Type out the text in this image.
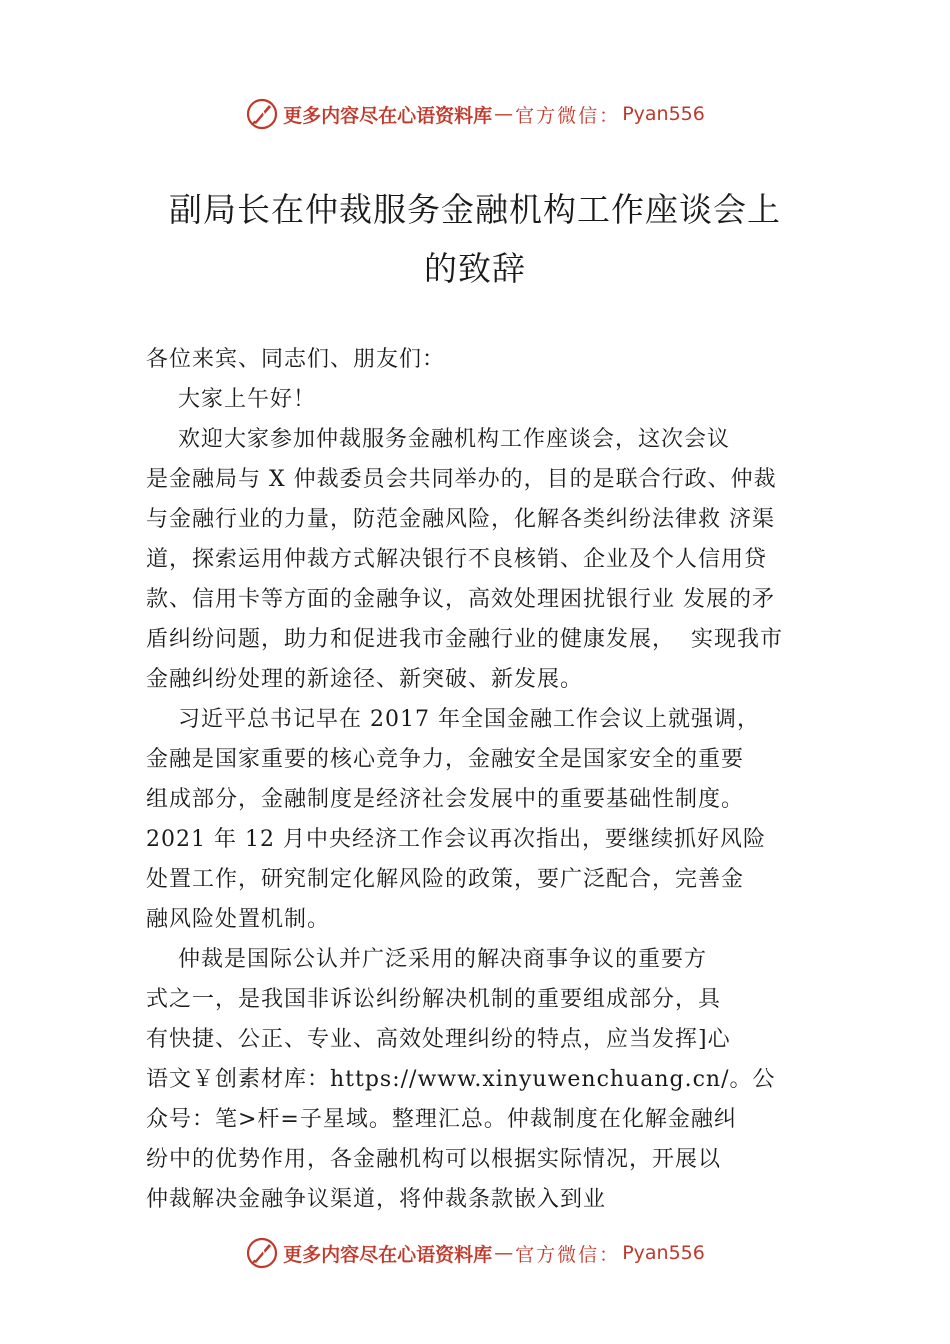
更多内容尽在心语资料库 — 官方微信： Pyan556
副局长在仲裁服务金融机构工作座谈会上
的致辞
各位来宾、同志们、朋友们：
大家上午好！
欢迎大家参加仲裁服务金融机构工作座谈会，这次会议
是金融局与 X 仲裁委员会共同举办的，目的是联合行政、仲裁
与金融行业的力量，防范金融风险，化解各类纠纷法律救 济渠
道，探索运用仲裁方式解决银行不良核销、企业及个人信用贷
款、信用卡等方面的金融争议，高效处理困扰银行业 发展的矛
盾纠纷问题，助力和促进我市金融行业的健康发展，  实现我市
金融纠纷处理的新途径、新突破、新发展。
习近平总书记早在 2017 年全国金融工作会议上就强调，
金融是国家重要的核心竞争力，金融安全是国家安全的重要
组成部分，金融制度是经济社会发展中的重要基础性制度。
2021 年 12 月中央经济工作会议再次指出，要继续抓好风险
处置工作，研究制定化解风险的政策，要广泛配合，完善金
融风险处置机制。
仲裁是国际公认并广泛采用的解决商事争议的重要方
式之一，是我国非诉讼纠纷解决机制的重要组成部分，具
有快捷、公正、专业、高效处理纠纷的特点，应当发挥]心
语文￥创素材库：https://www.xinyuwenchuang.cn/。公
众号：笔>杆=子星域。整理汇总。仲裁制度在化解金融纠
纷中的优势作用，各金融机构可以根据实际情况，开展以
仲裁解决金融争议渠道，将仲裁条款嵌入到业
更多内容尽在心语资料库 — 官方微信： Pyan556
